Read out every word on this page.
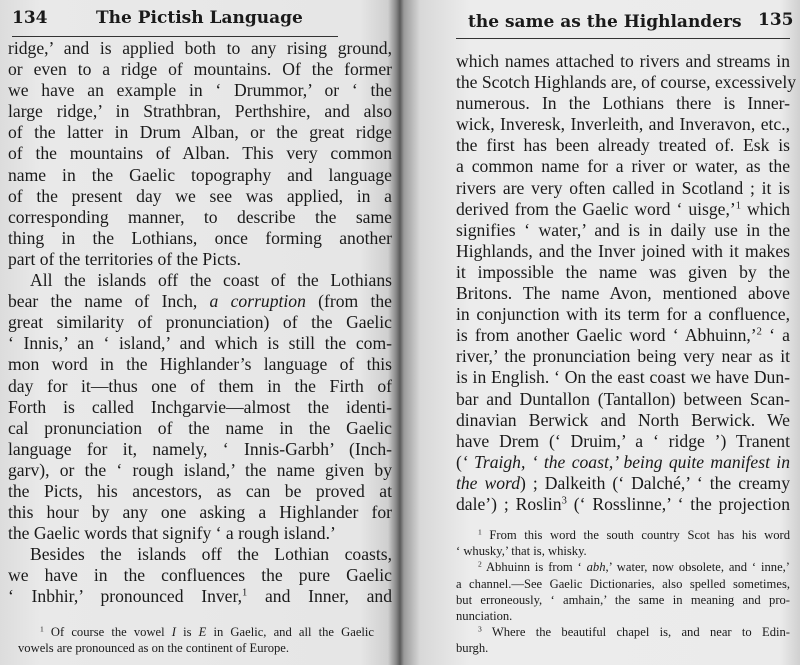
134	The Pictish Language
ridge,’ and is applied both to any rising ground,
or even to a ridge of mountains. Of the former
we have an example in ‘ Drummor,’ or ‘ the
large ridge,’ in Strathbran, Perthshire, and also
of the latter in Drum Alban, or the great ridge
of the mountains of Alban. This very common
name in the Gaelic topography and language
of the present day we see was applied, in a
corresponding manner, to describe the same
thing in the Lothians, once forming another
part of the territories of the Picts.
All the islands off the coast of the Lothians
bear the name of Inch, a corruption (from the
great similarity of pronunciation) of the Gaelic
‘ Innis,’ an ‘ island,’ and which is still the com-
mon word in the Highlander’s language of this
day for it—thus one of them in the Firth of
Forth is called Inchgarvie—almost the identi-
cal pronunciation of the name in the Gaelic
language for it, namely, ‘ Innis-Garbh’ (Inch-
garv), or the ‘ rough island,’ the name given by
the Picts, his ancestors, as can be proved at
this hour by any one asking a Highlander for
the Gaelic words that signify ‘ a rough island.’
Besides the islands off the Lothian coasts,
we have in the confluences the pure Gaelic
‘ Inbhir,’ pronounced Inver,$^1$ and Inner, and
$^1$ Of course the vowel I is E in Gaelic, and all the Gaelic
vowels are pronounced as on the continent of Europe.
the same as the Highlanders 135
which names attached to rivers and streams in
the Scotch Highlands are, of course, excessively
numerous. In the Lothians there is Inner-
wick, Inveresk, Inverleith, and Inveravon, etc.,
the first has been already treated of. Esk is
a common name for a river or water, as the
rivers are very often called in Scotland ; it is
derived from the Gaelic word ‘ uisge,’$^1$ which
signifies ‘ water,’ and is in daily use in the
Highlands, and the Inver joined with it makes
it impossible the name was given by the
Britons. The name Avon, mentioned above
in conjunction with its term for a confluence,
is from another Gaelic word ‘ Abhuinn,’$^2$ ‘ a
river,’ the pronunciation being very near as it
is in English. ‘ On the east coast we have Dun-
bar and Duntallon (Tantallon) between Scan-
dinavian Berwick and North Berwick. We
have Drem (‘ Druim,’ a ‘ ridge ’) Tranent
(‘ Traigh, ‘ the coast,’ being quite manifest in
the word) ; Dalkeith (‘ Dalché,’ ‘ the creamy
dale’) ; Roslin$^3$ (‘ Rosslinne,’ ‘ the projection
$^1$ From this word the south country Scot has his word
‘ whusky,’ that is, whisky.
$^2$ Abhuinn is from ‘ abh,’ water, now obsolete, and ‘ inne,’
a channel.—See Gaelic Dictionaries, also spelled sometimes,
but erroneously, ‘ amhain,’ the same in meaning and pro-
nunciation.
$^3$ Where the beautiful chapel is, and near to Edin-
burgh.
